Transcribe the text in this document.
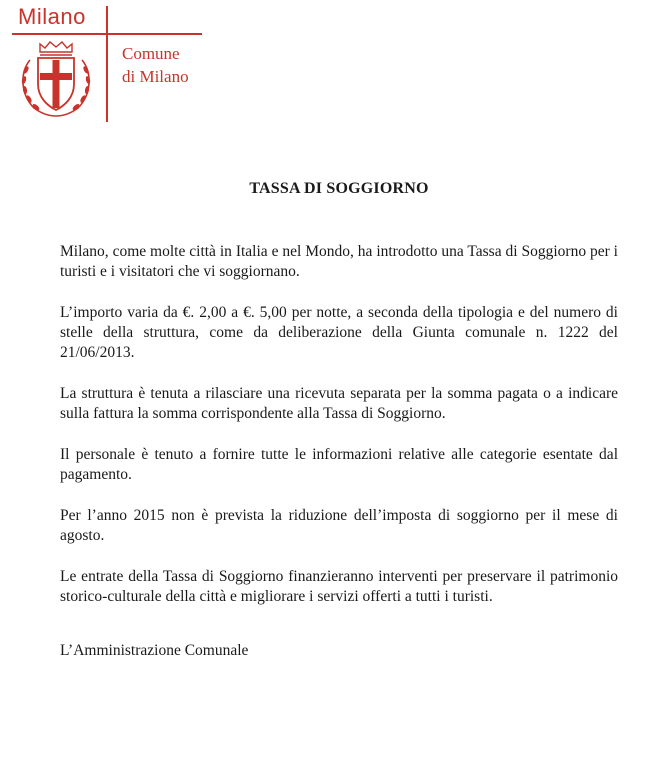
Milano
Comune
di Milano
TASSA DI SOGGIORNO

Milano, come molte città in Italia e nel Mondo, ha introdotto una Tassa di Soggiorno per i turisti e i visitatori che vi soggiornano.

L’importo varia da €. 2,00 a €. 5,00 per notte, a seconda della tipologia e del numero di stelle della struttura, come da deliberazione della Giunta comunale n. 1222 del 21/06/2013.

La struttura è tenuta a rilasciare una ricevuta separata per la somma pagata o a indicare sulla fattura la somma corrispondente alla Tassa di Soggiorno.

Il personale è tenuto a fornire tutte le informazioni relative alle categorie esentate dal pagamento.

Per l’anno 2015 non è prevista la riduzione dell’imposta di soggiorno per il mese di agosto.

Le entrate della Tassa di Soggiorno finanzieranno interventi per preservare il patrimonio storico-culturale della città e migliorare i servizi offerti a tutti i turisti.

L’Amministrazione Comunale
